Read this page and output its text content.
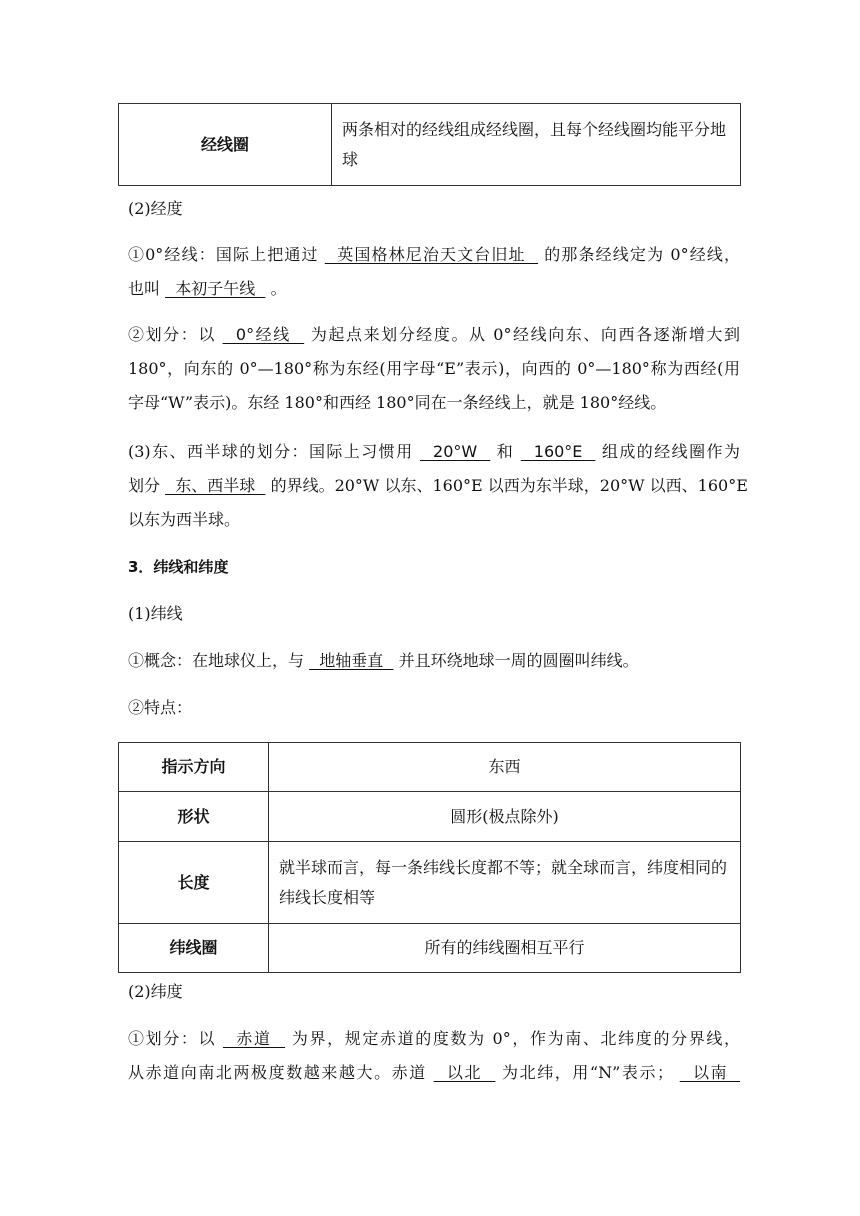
经线圈	两条相对的经线组成经线圈，且每个经线圈均能平分地球
(2)经度
①0°经线：国际上把通过   英国格林尼治天文台旧址   的那条经线定为 0°经线，
也叫   本初子午线   。
②划分：以   0°经线   为起点来划分经度。从 0°经线向东、向西各逐渐增大到
180°，向东的 0°—180°称为东经(用字母“E”表示)，向西的 0°—180°称为西经(用
字母“W”表示)。东经 180°和西经 180°同在一条经线上，就是 180°经线。
(3)东、西半球的划分：国际上习惯用   20°W   和   160°E   组成的经线圈作为
划分   东、西半球   的界线。20°W 以东、160°E 以西为东半球，20°W 以西、160°E
以东为西半球。
3．纬线和纬度
(1)纬线
①概念：在地球仪上，与   地轴垂直   并且环绕地球一周的圆圈叫纬线。
②特点：
指示方向	东西
形状	圆形(极点除外)
长度	就半球而言，每一条纬线长度都不等；就全球而言，纬度相同的纬线长度相等
纬线圈	所有的纬线圈相互平行
(2)纬度
①划分：以   赤道   为界，规定赤道的度数为 0°，作为南、北纬度的分界线，
从赤道向南北两极度数越来越大。赤道   以北   为北纬，用“N”表示；   以南
